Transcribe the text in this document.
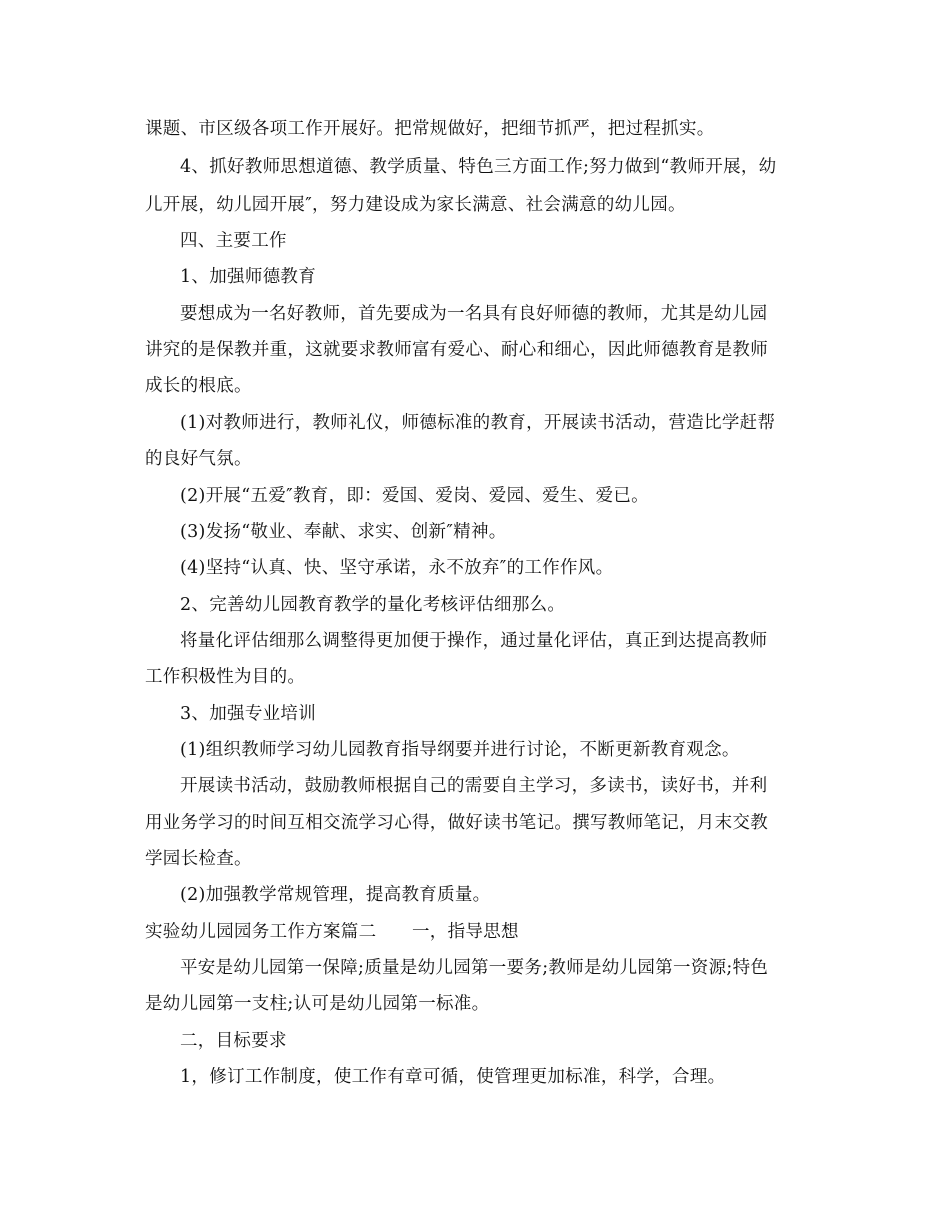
课题、市区级各项工作开展好。把常规做好，把细节抓严，把过程抓实。
4、抓好教师思想道德、教学质量、特色三方面工作;努力做到“教师开展，幼
儿开展，幼儿园开展″，努力建设成为家长满意、社会满意的幼儿园。
四、主要工作
1、加强师德教育
要想成为一名好教师，首先要成为一名具有良好师德的教师，尤其是幼儿园
讲究的是保教并重，这就要求教师富有爱心、耐心和细心，因此师德教育是教师
成长的根底。
(1)对教师进行，教师礼仪，师德标准的教育，开展读书活动，营造比学赶帮
的良好气氛。
(2)开展“五爱″教育，即：爱国、爱岗、爱园、爱生、爱已。
(3)发扬“敬业、奉献、求实、创新″精神。
(4)坚持“认真、快、坚守承诺，永不放弃″的工作作风。
2、完善幼儿园教育教学的量化考核评估细那么。
将量化评估细那么调整得更加便于操作，通过量化评估，真正到达提高教师
工作积极性为目的。
3、加强专业培训
(1)组织教师学习幼儿园教育指导纲要并进行讨论，不断更新教育观念。
开展读书活动，鼓励教师根据自己的需要自主学习，多读书，读好书，并利
用业务学习的时间互相交流学习心得，做好读书笔记。撰写教师笔记，月末交教
学园长检查。
(2)加强教学常规管理，提高教育质量。
实验幼儿园园务工作方案篇二　　一，指导思想
平安是幼儿园第一保障;质量是幼儿园第一要务;教师是幼儿园第一资源;特色
是幼儿园第一支柱;认可是幼儿园第一标准。
二，目标要求
1，修订工作制度，使工作有章可循，使管理更加标准，科学，合理。
